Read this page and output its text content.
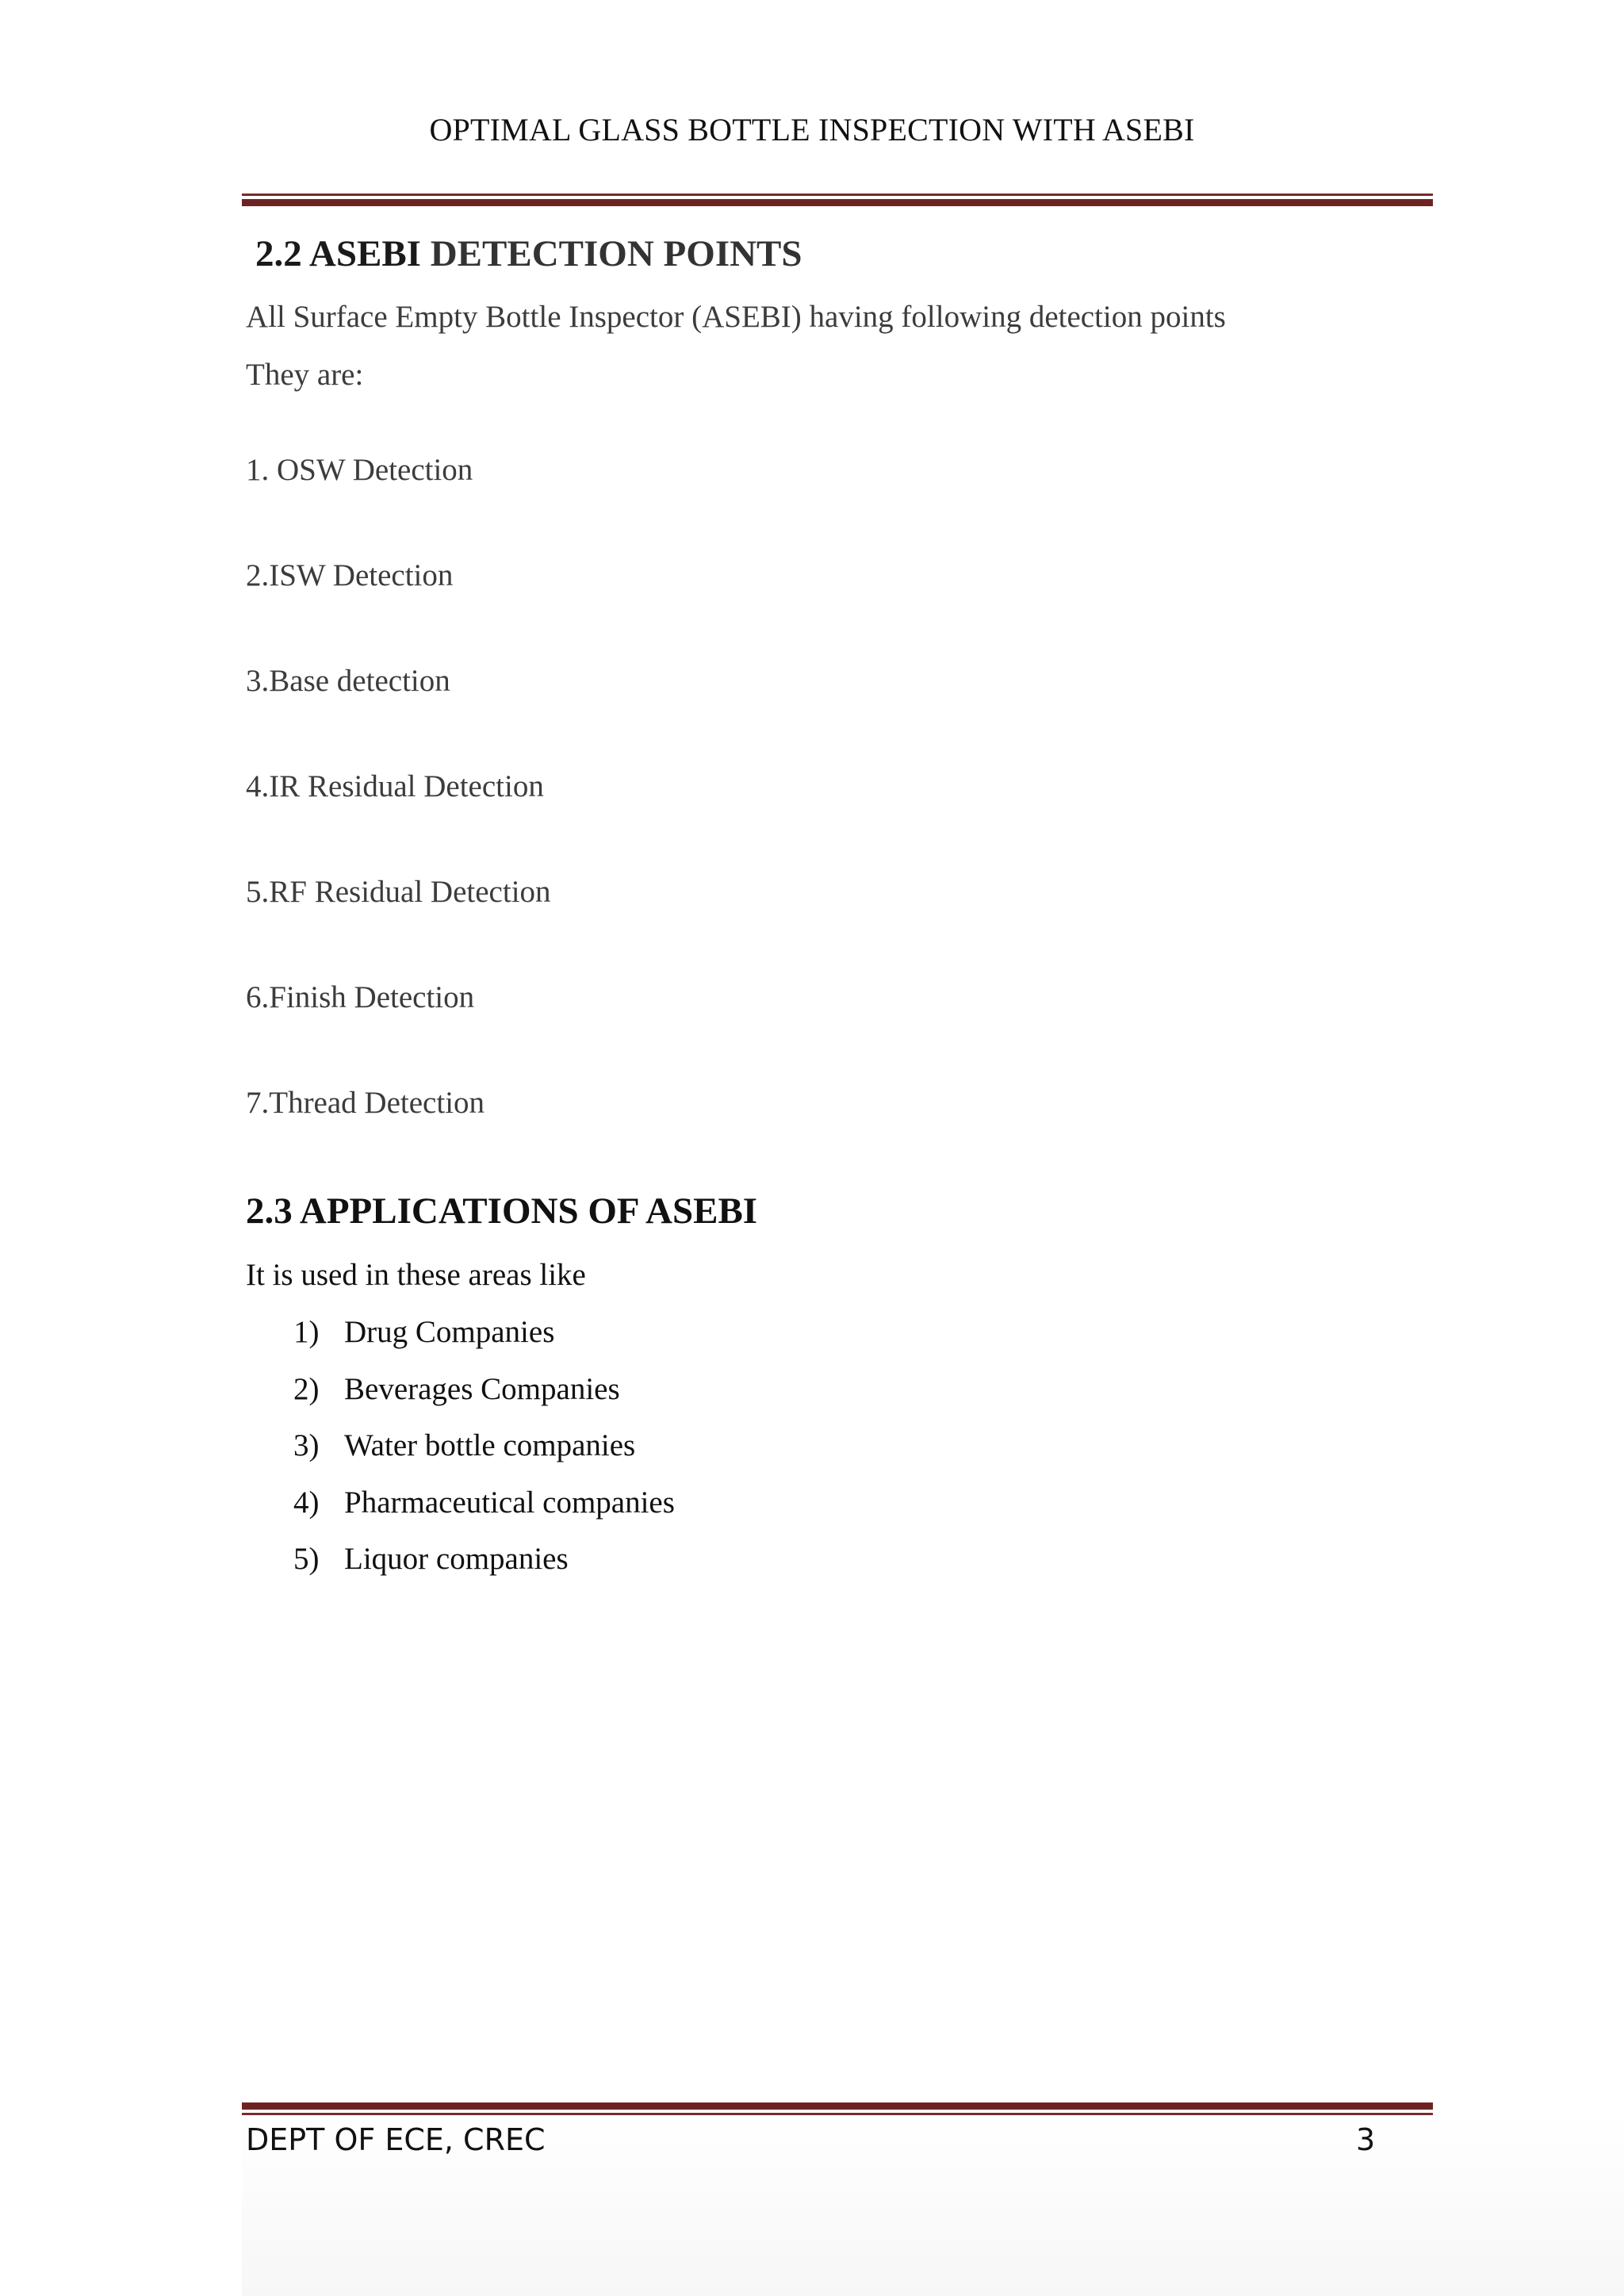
OPTIMAL GLASS BOTTLE INSPECTION WITH ASEBI
2.2 ASEBI DETECTION POINTS
All Surface Empty Bottle Inspector (ASEBI) having following detection points
They are:
1. OSW Detection
2.ISW Detection
3.Base detection
4.IR Residual Detection
5.RF Residual Detection
6.Finish Detection
7.Thread Detection
2.3 APPLICATIONS OF ASEBI
It is used in these areas like
1) Drug Companies
2) Beverages Companies
3) Water bottle companies
4) Pharmaceutical companies
5) Liquor companies
DEPT OF ECE, CREC	3
